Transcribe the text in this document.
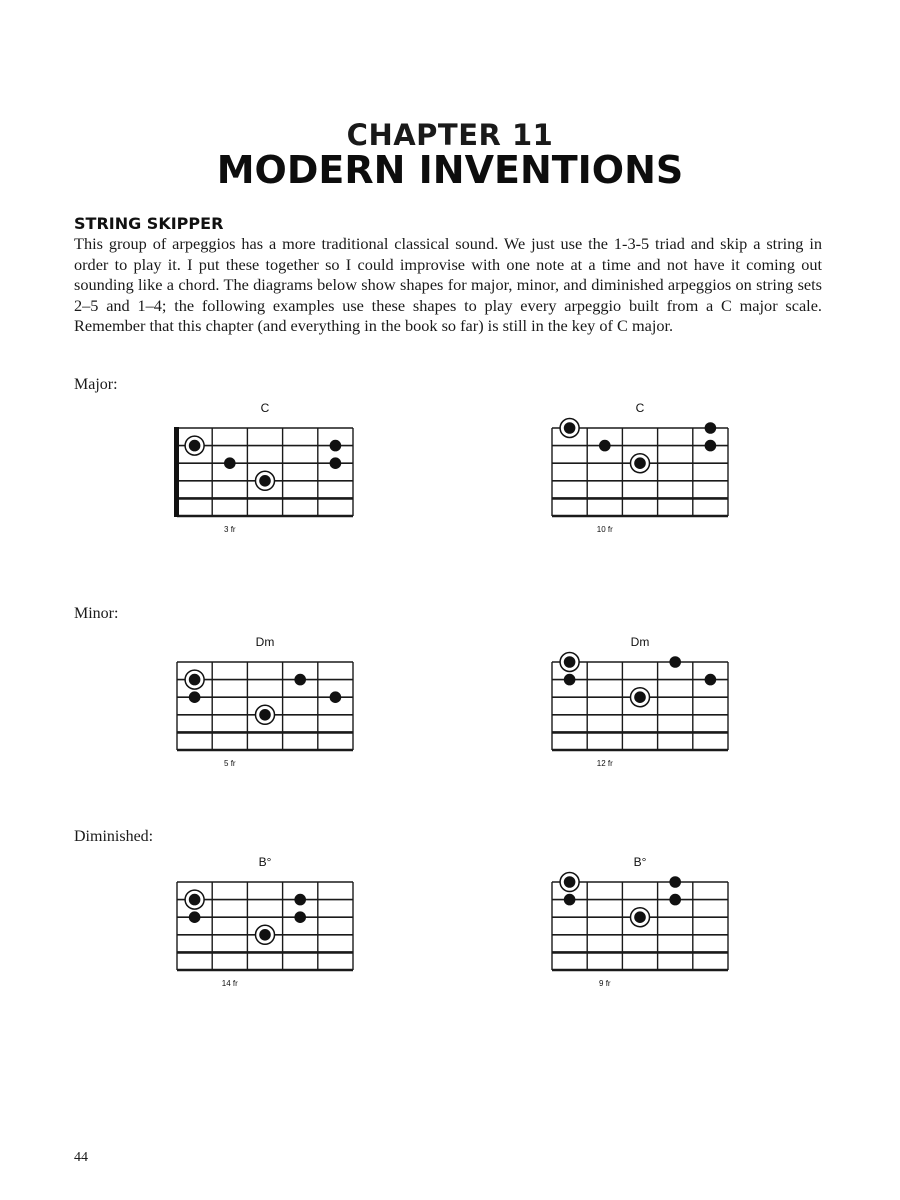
CHAPTER 11
MODERN INVENTIONS
STRING SKIPPER
This group of arpeggios has a more traditional classical sound. We just use the 1-3-5 triad and skip a string in order to play it. I put these together so I could improvise with one note at a time and not have it coming out sounding like a chord. The diagrams below show shapes for major, minor, and diminished arpeggios on string sets 2–5 and 1–4; the following examples use these shapes to play every arpeggio built from a C major scale. Remember that this chapter (and everything in the book so far) is still in the key of C major.
Major:
C
3 fr
C
10 fr
Minor:
Dm
5 fr
Dm
12 fr
Diminished:
B°
14 fr
B°
9 fr
44
